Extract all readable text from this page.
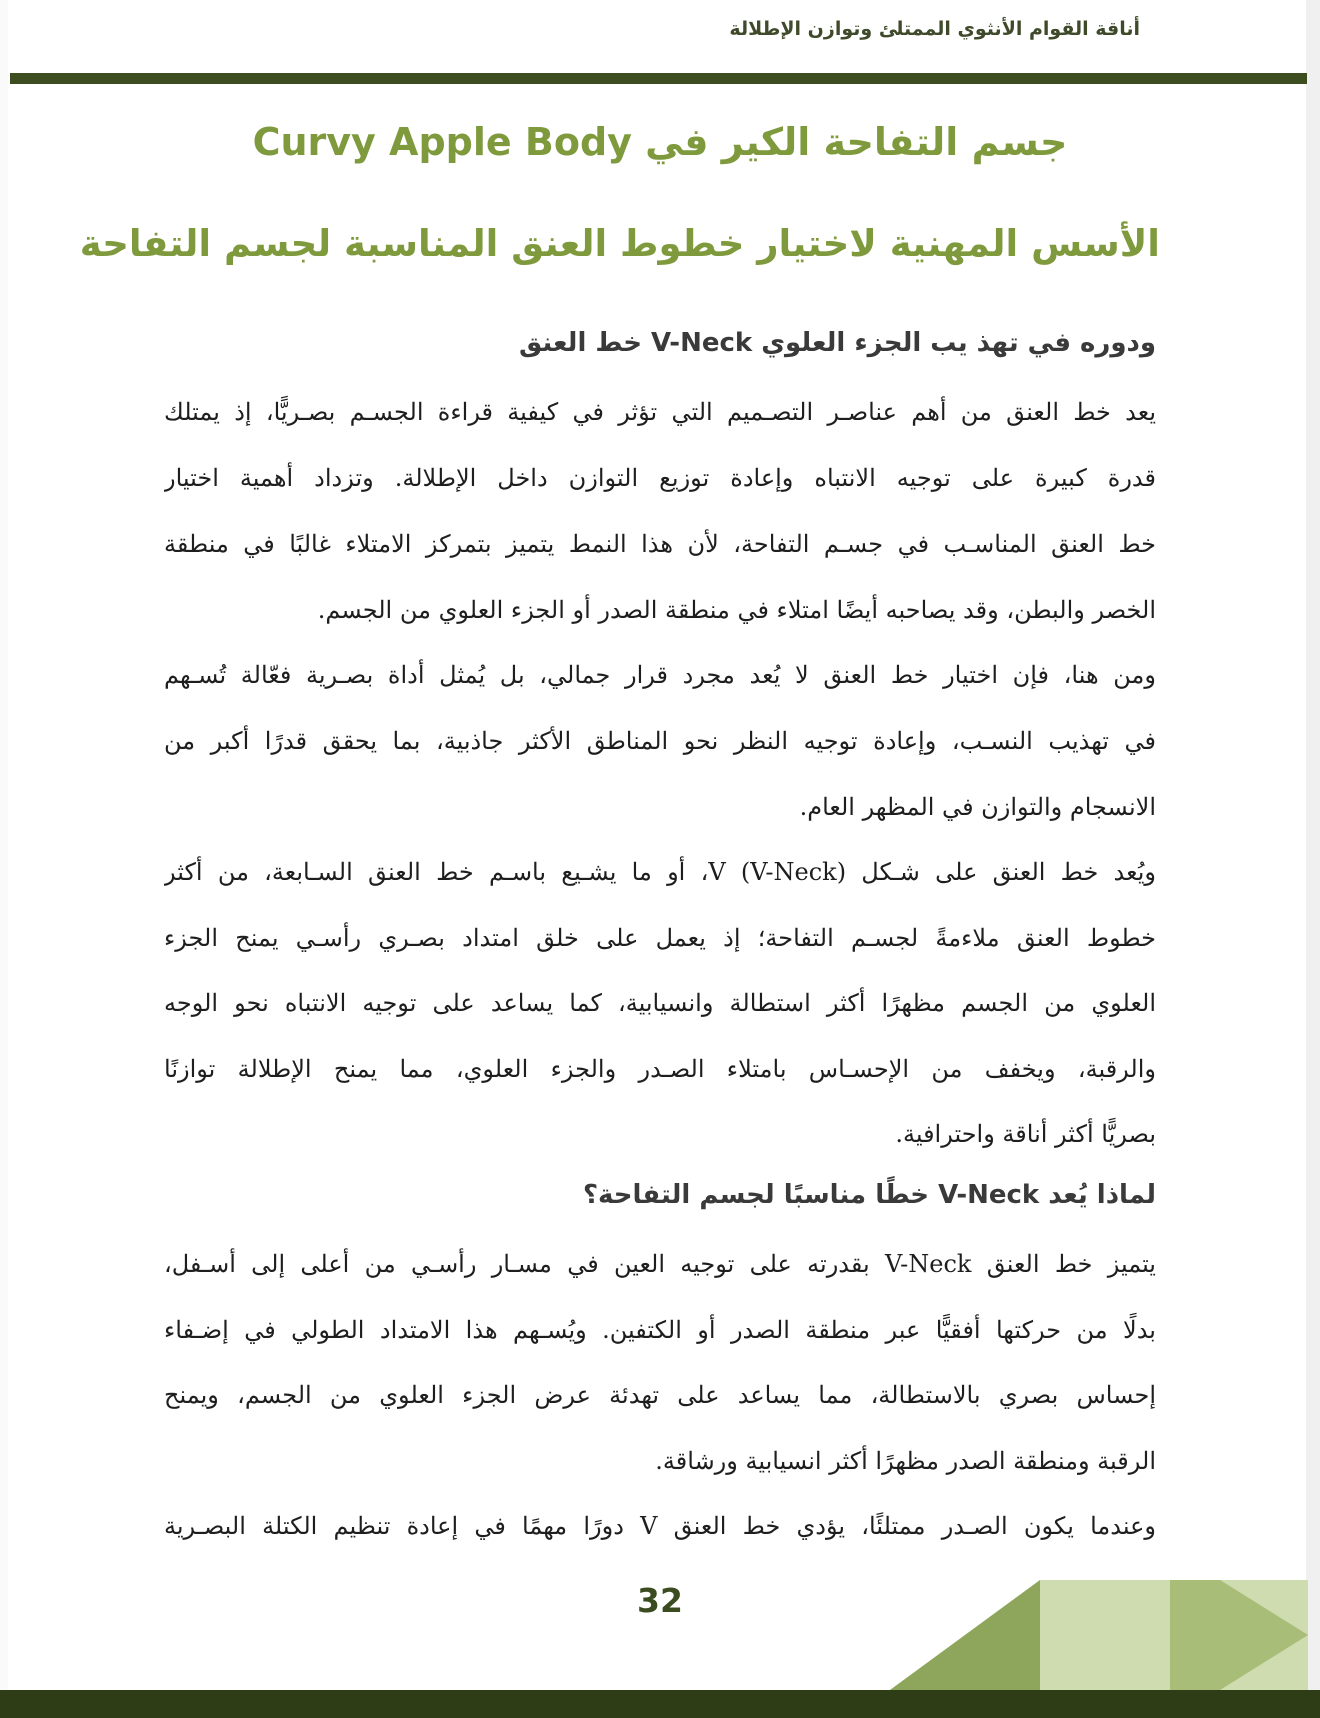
أناقة القوام الأنثوي الممتلئ وتوازن الإطلالة
جسم التفاحة الكير في Curvy Apple Body
الأسس المهنية لاختيار خطوط العنق المناسبة لجسم التفاحة
ودوره في تهذ يب الجزء العلوي V-Neck خط العنق
يعد خط العنق من أهم عناصـر التصـميم التي تؤثر في كيفية قراءة الجسـم بصـريًّا، إذ يمتلك
قدرة كبيرة على توجيه الانتباه وإعادة توزيع التوازن داخل الإطلالة. وتزداد أهمية اختيار
خط العنق المناسـب في جسـم التفاحة، لأن هذا النمط يتميز بتمركز الامتلاء غالبًا في منطقة
الخصر والبطن، وقد يصاحبه أيضًا امتلاء في منطقة الصدر أو الجزء العلوي من الجسم.
ومن هنا، فإن اختيار خط العنق لا يُعد مجرد قرار جمالي، بل يُمثل أداة بصـرية فعّالة تُسـهم
في تهذيب النسـب، وإعادة توجيه النظر نحو المناطق الأكثر جاذبية، بما يحقق قدرًا أكبر من
الانسجام والتوازن في المظهر العام.
ويُعد خط العنق على شـكل V (V-Neck)، أو ما يشـيع باسـم خط العنق السـابعة، من أكثر
خطوط العنق ملاءمةً لجسـم التفاحة؛ إذ يعمل على خلق امتداد بصـري رأسـي يمنح الجزء
العلوي من الجسم مظهرًا أكثر استطالة وانسيابية، كما يساعد على توجيه الانتباه نحو الوجه
والرقبة، ويخفف من الإحسـاس بامتلاء الصـدر والجزء العلوي، مما يمنح الإطلالة توازنًا
بصريًّا أكثر أناقة واحترافية.
لماذا يُعد V-Neck خطًا مناسبًا لجسم التفاحة؟
يتميز خط العنق V-Neck بقدرته على توجيه العين في مسـار رأسـي من أعلى إلى أسـفل،
بدلًا من حركتها أفقيًّا عبر منطقة الصدر أو الكتفين. ويُسـهم هذا الامتداد الطولي في إضـفاء
إحساس بصري بالاستطالة، مما يساعد على تهدئة عرض الجزء العلوي من الجسم، ويمنح
الرقبة ومنطقة الصدر مظهرًا أكثر انسيابية ورشاقة.
وعندما يكون الصـدر ممتلئًا، يؤدي خط العنق V دورًا مهمًا في إعادة تنظيم الكتلة البصـرية
32
